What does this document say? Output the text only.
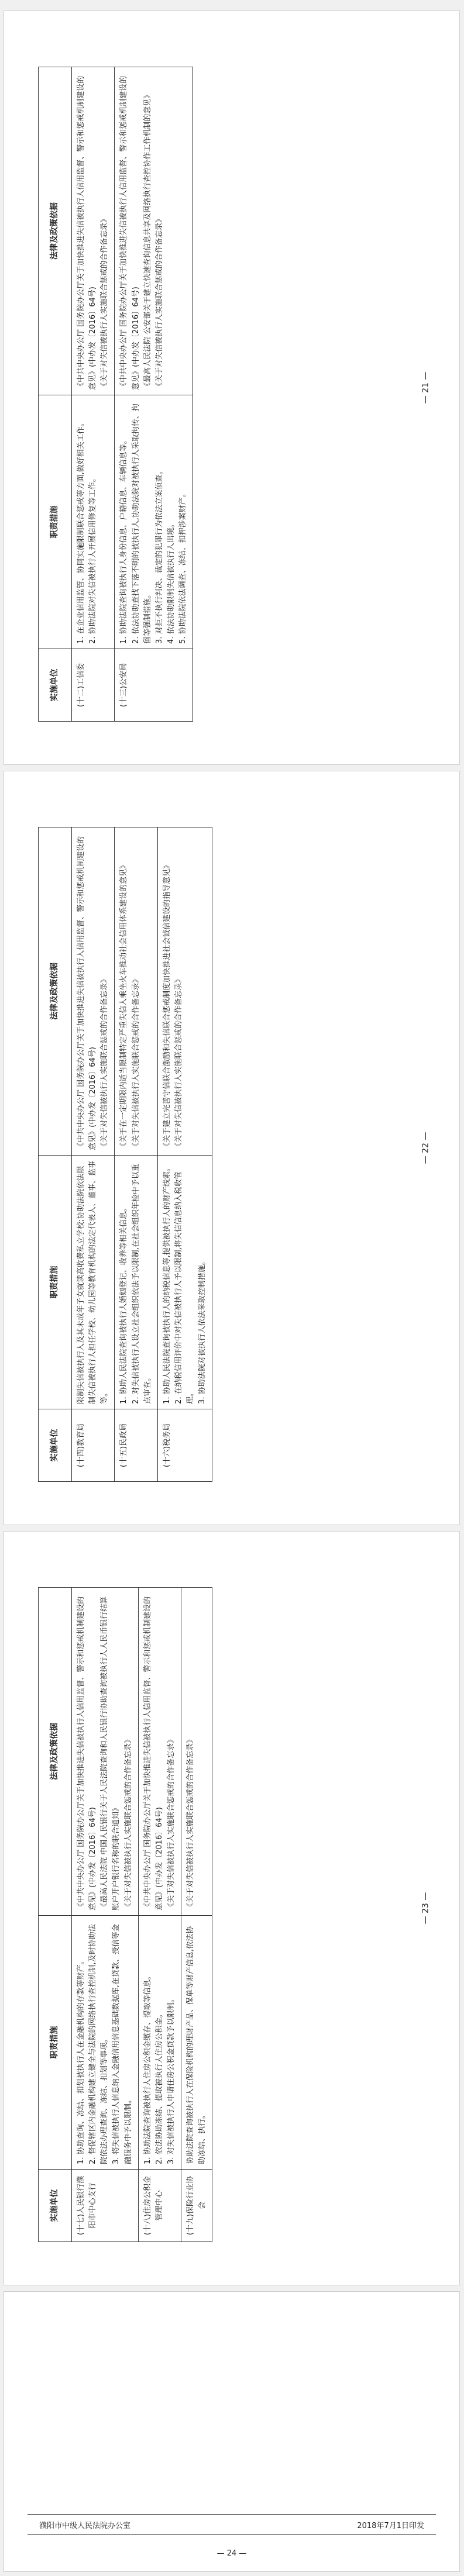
实施单位	职责措施	法律及政策依据
(十二)工信委	1. 在企业信用监管、协同实施限制联合惩戒等方面,做好相关工作。 2. 协助法院对失信被执行人开展信用修复等工作。	《中共中央办公厅 国务院办公厅关于加快推进失信被执行人信用监督、警示和惩戒机制建设的意见》(中办发〔2016〕64号) 《关于对失信被执行人实施联合惩戒的合作备忘录》

(十三)公安局	1. 协助法院查询被执行人身份信息、户籍信息、车辆信息等。 2. 依法协助查找下落不明的被执行人,协助法院对被执行人采取拘传、拘留等强制措施。 3. 对拒不执行判决、裁定的犯罪行为依法立案侦查。 4. 依法协助限制失信被执行人出境。 5. 协助法院依法调查、冻结、扣押涉案财产。	《中共中央办公厅 国务院办公厅关于加快推进失信被执行人信用监督、警示和惩戒机制建设的意见》(中办发〔2016〕64号) 《最高人民法院 公安部关于建立快速查询信息共享及网络执行查控协作工作机制的意见》 《关于对失信被执行人实施联合惩戒的合作备忘录》	— 21 —
实施单位	职责措施	法律及政策依据
(十四)教育局	限制失信被执行人及其未成年子女就读高收费私立学校;协助法院依法限制失信被执行人担任学校、幼儿园等教育机构的法定代表人、董事、监事等。	《中共中央办公厅 国务院办公厅关于加快推进失信被执行人信用监督、警示和惩戒机制建设的意见》(中办发〔2016〕64号) 《关于对失信被执行人实施联合惩戒的合作备忘录》

(十五)民政局	1. 协助人民法院查询被执行人婚姻登记、收养等相关信息。 2. 对失信被执行人设立社会组织依法予以限制,在社会组织年检中予以重点审查。	《关于在一定期限内适当限制特定严重失信人乘坐火车推动社会信用体系建设的意见》 《关于对失信被执行人实施联合惩戒的合作备忘录》

(十六)税务局	1. 协助人民法院查询被执行人的纳税信息等,提供被执行人的财产线索。 2. 在纳税信用评价中对失信被执行人予以限制,将失信信息纳入税收管理。 3. 协助法院对被执行人依法采取控制措施。	《关于建立完善守信联合激励和失信联合惩戒制度加快推进社会诚信建设的指导意见》 《关于对失信被执行人实施联合惩戒的合作备忘录》	— 22 —
实施单位	职责措施	法律及政策依据
(十七)人民银行濮阳市中心支行	1. 协助查询、冻结、扣划被执行人在金融机构的存款等财产。 2. 督促辖区内金融机构建立健全与法院的网络执行查控机制,及时协助法院依法办理查询、冻结、扣划等事项。 3. 将失信被执行人信息纳入金融信用信息基础数据库,在贷款、授信等金融服务中予以限制。	《中共中央办公厅 国务院办公厅关于加快推进失信被执行人信用监督、警示和惩戒机制建设的意见》(中办发〔2016〕64号) 《最高人民法院 中国人民银行关于人民法院查询和人民银行协助查询被执行人人民币银行结算账户开户银行名称的联合通知》 《关于对失信被执行人实施联合惩戒的合作备忘录》

(十八)住房公积金管理中心	1. 协助法院查询被执行人住房公积金缴存、提取等信息。 2. 依法协助冻结、提取被执行人住房公积金。 3. 对失信被执行人申请住房公积金贷款予以限制。	《中共中央办公厅 国务院办公厅关于加快推进失信被执行人信用监督、警示和惩戒机制建设的意见》(中办发〔2016〕64号) 《关于对失信被执行人实施联合惩戒的合作备忘录》

(十九)保险行业协会	协助法院查询被执行人在保险机构的理财产品、保单等财产信息,依法协助冻结、执行。	《关于对失信被执行人实施联合惩戒的合作备忘录》	— 23 —
濮阳市中级人民法院办公室	2018年7月1日印发
— 24 —
